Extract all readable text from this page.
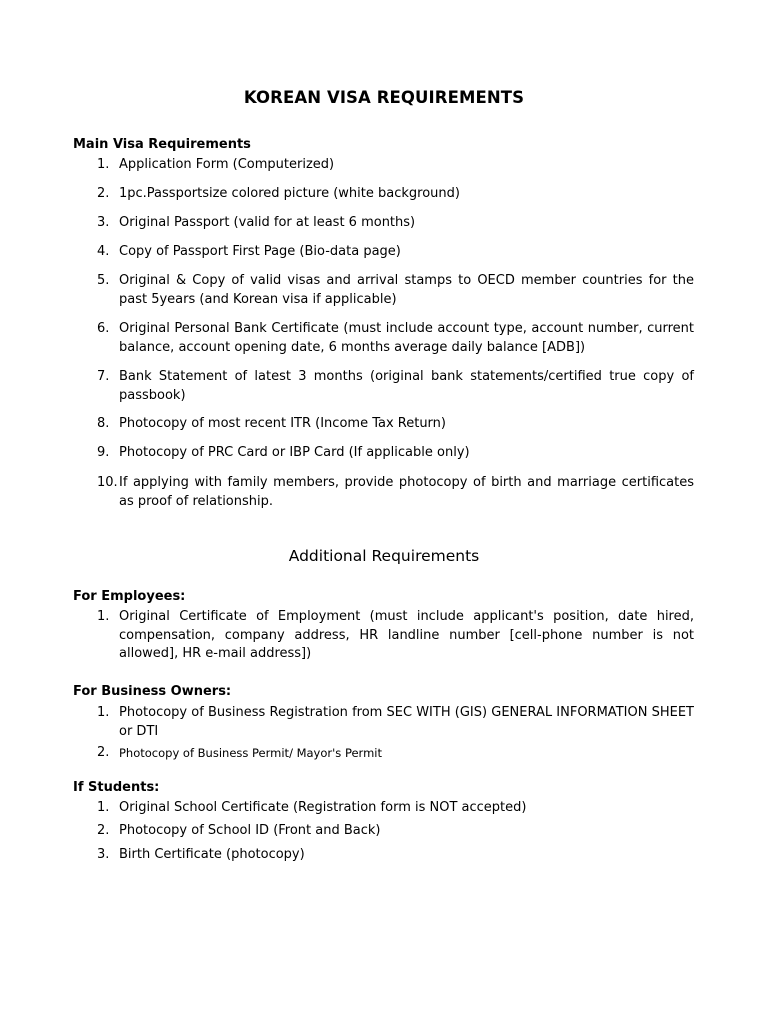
KOREAN VISA REQUIREMENTS
Main Visa Requirements
1. Application Form (Computerized)
2. 1pc.Passportsize colored picture (white background)
3. Original Passport (valid for at least 6 months)
4. Copy of Passport First Page (Bio-data page)
5. Original & Copy of valid visas and arrival stamps to OECD member countries for the past 5years (and Korean visa if applicable)
6. Original Personal Bank Certificate (must include account type, account number, current balance, account opening date, 6 months average daily balance [ADB])
7. Bank Statement of latest 3 months (original bank statements/certified true copy of passbook)
8. Photocopy of most recent ITR (Income Tax Return)
9. Photocopy of PRC Card or IBP Card (If applicable only)
10. If applying with family members, provide photocopy of birth and marriage certificates as proof of relationship.
Additional Requirements
For Employees:
1. Original Certificate of Employment (must include applicant's position, date hired, compensation, company address, HR landline number [cell-phone number is not allowed], HR e-mail address])
For Business Owners:
1. Photocopy of Business Registration from SEC WITH (GIS) GENERAL INFORMATION SHEET or DTI
2. Photocopy of Business Permit/ Mayor's Permit
If Students:
1. Original School Certificate (Registration form is NOT accepted)
2. Photocopy of School ID (Front and Back)
3. Birth Certificate (photocopy)
